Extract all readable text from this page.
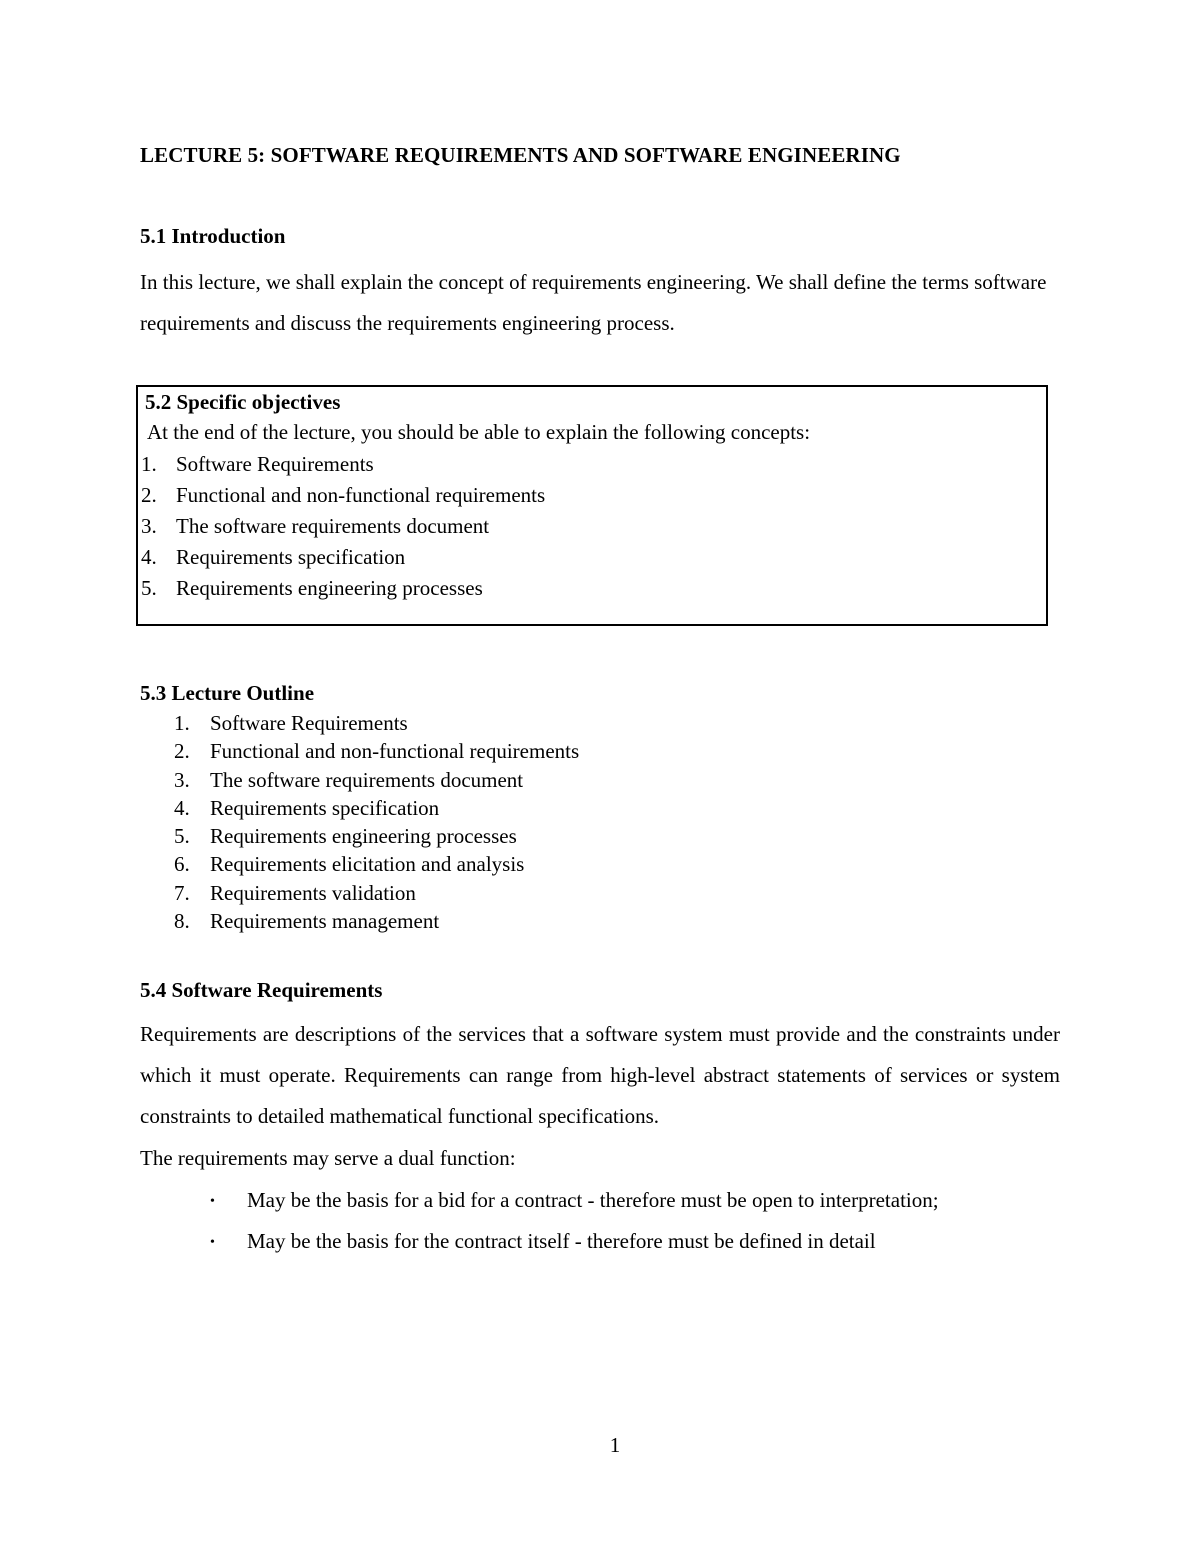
LECTURE 5: SOFTWARE REQUIREMENTS AND SOFTWARE ENGINEERING
5.1 Introduction
In this lecture, we shall explain the concept of requirements engineering. We shall define the terms software requirements and discuss the requirements engineering process.
5.2 Specific objectives
At the end of the lecture, you should be able to explain the following concepts:
1. Software Requirements
2. Functional and non-functional requirements
3. The software requirements document
4. Requirements specification
5. Requirements engineering processes
5.3 Lecture Outline
1. Software Requirements
2. Functional and non-functional requirements
3. The software requirements document
4. Requirements specification
5. Requirements engineering processes
6. Requirements elicitation and analysis
7. Requirements validation
8. Requirements management
5.4 Software Requirements
Requirements are descriptions of the services that a software system must provide and the constraints under which it must operate. Requirements can range from high-level abstract statements of services or system constraints to detailed mathematical functional specifications.
The requirements may serve a dual function:
• May be the basis for a bid for a contract - therefore must be open to interpretation;
• May be the basis for the contract itself - therefore must be defined in detail
1
